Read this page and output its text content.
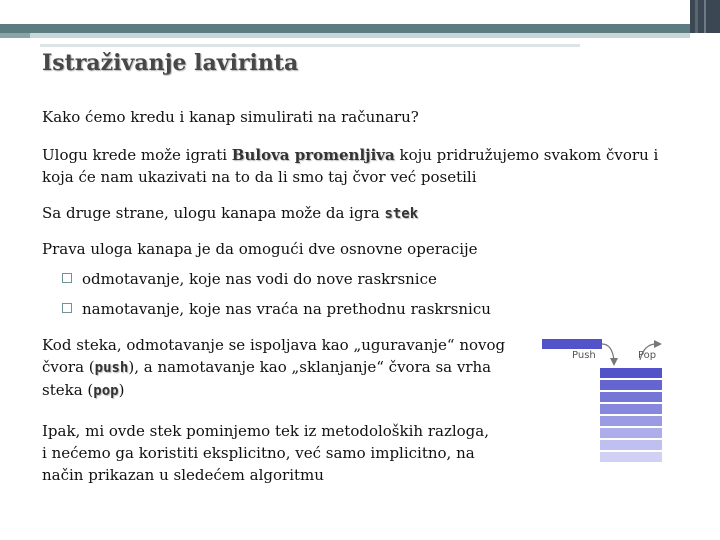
Istraživanje lavirinta

Kako ćemo kredu i kanap simulirati na računaru?

Ulogu krede može igrati Bulova promenljiva koju pridružujemo svakom čvoru i koja će nam ukazivati na to da li smo taj čvor već posetili

Sa druge strane, ulogu kanapa može da igra stek

Prava uloga kanapa je da omogući dve osnovne operacije

odmotavanje, koje nas vodi do nove raskrsnice
namotavanje, koje nas vraća na prethodnu raskrsnicu

Kod steka, odmotavanje se ispoljava kao „uguravanje“ novog čvora (push), a namotavanje kao „sklanjanje“ čvora sa vrha steka (pop)

Ipak, mi ovde stek pominjemo tek iz metodoloških razloga, i nećemo ga koristiti eksplicitno, već samo implicitno, na način prikazan u sledećem algoritmu

Push	Pop
